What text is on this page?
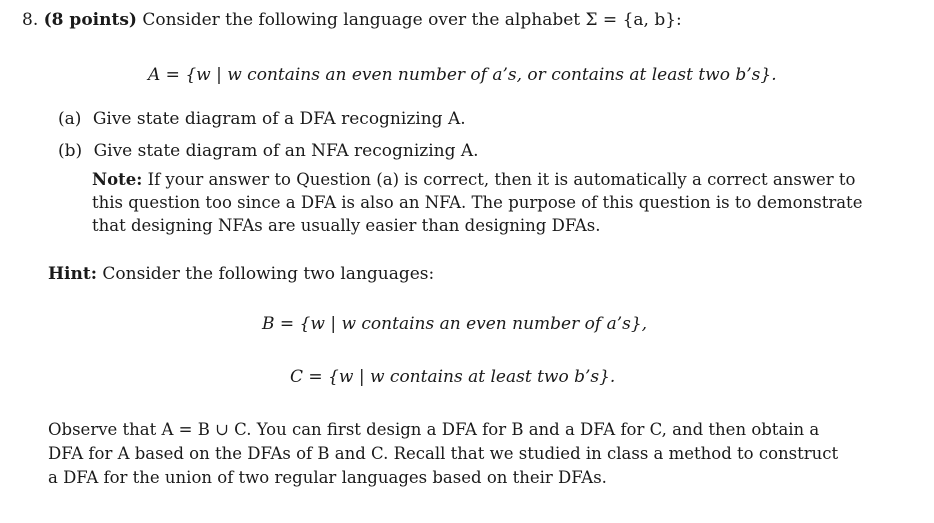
8. (8 points) Consider the following language over the alphabet Σ = {a, b}:
A = {w | w contains an even number of a’s, or contains at least two b’s}.
(a) Give state diagram of a DFA recognizing A.
(b) Give state diagram of an NFA recognizing A.
Note: If your answer to Question (a) is correct, then it is automatically a correct answer to
this question too since a DFA is also an NFA. The purpose of this question is to demonstrate
that designing NFAs are usually easier than designing DFAs.
Hint: Consider the following two languages:
B = {w | w contains an even number of a’s},
C = {w | w contains at least two b’s}.
Observe that A = B ∪ C. You can first design a DFA for B and a DFA for C, and then obtain a
DFA for A based on the DFAs of B and C. Recall that we studied in class a method to construct
a DFA for the union of two regular languages based on their DFAs.
